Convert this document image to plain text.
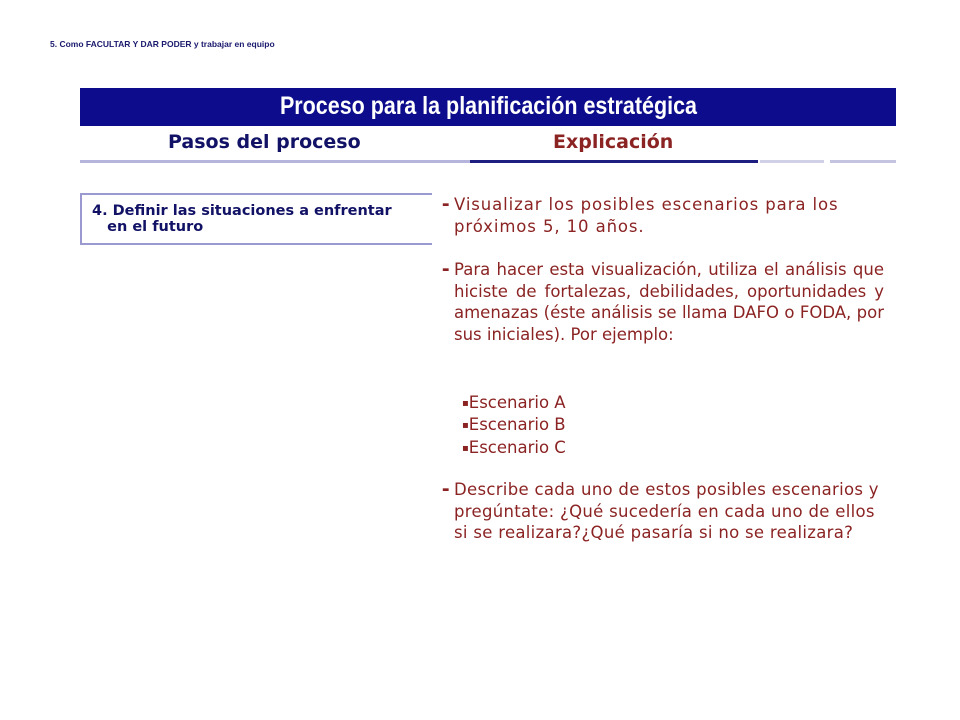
5. Como FACULTAR Y DAR PODER y trabajar en equipo
Proceso para la planificación estratégica
Pasos del proceso	Explicación
4. Definir las situaciones a enfrentar
en el futuro
- Visualizar los posibles escenarios para los próximos 5, 10 años.
- Para hacer esta visualización, utiliza el análisis que hiciste de fortalezas, debilidades, oportunidades y amenazas (éste análisis se llama DAFO o FODA, por sus iniciales). Por ejemplo:
▪Escenario A
▪Escenario B
▪Escenario C
- Describe cada uno de estos posibles escenarios y pregúntate: ¿Qué sucedería en cada uno de ellos si se realizara?¿Qué pasaría si no se realizara?
